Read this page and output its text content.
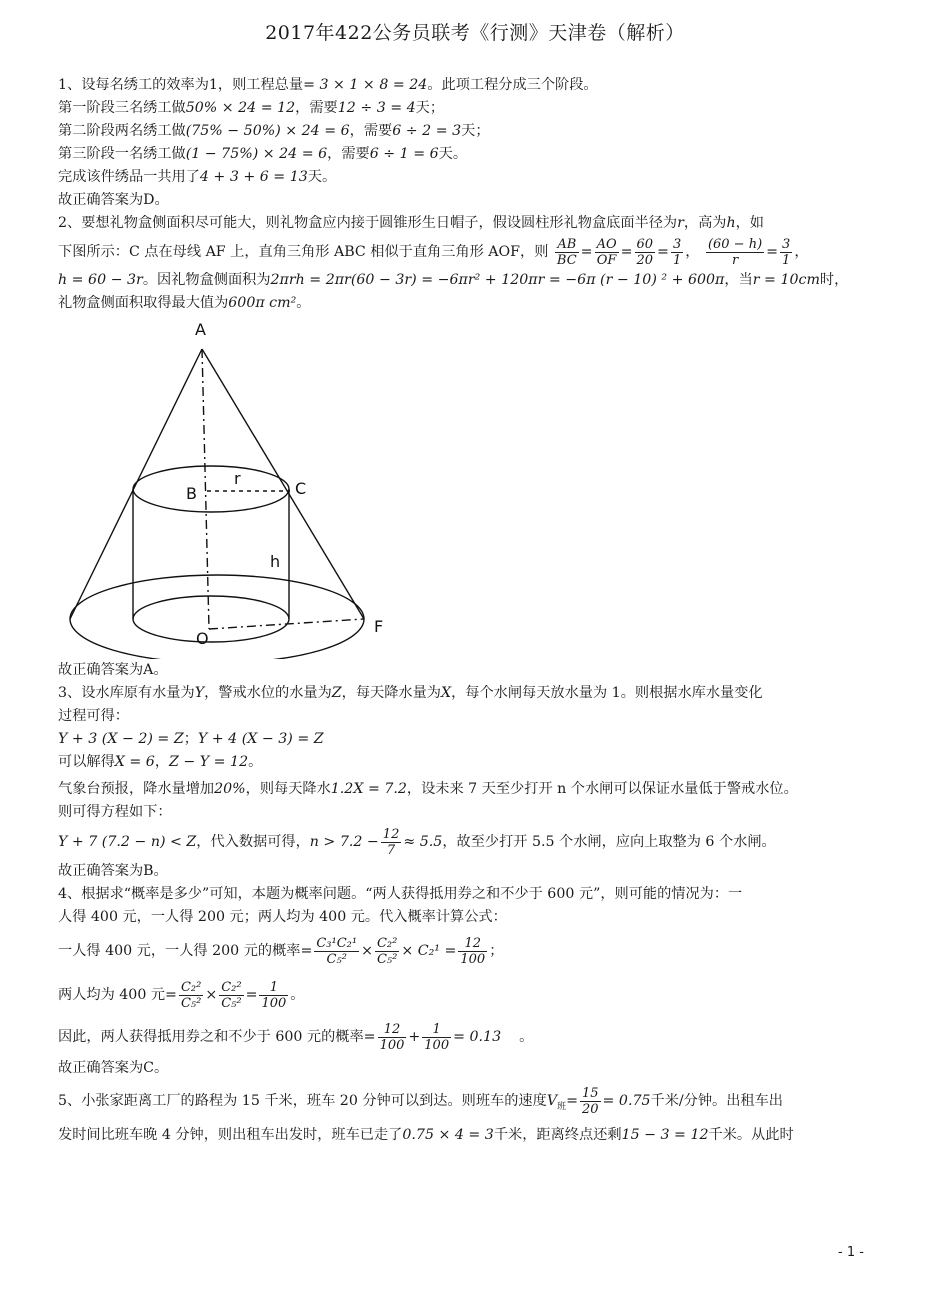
2017年422公务员联考《行测》天津卷（解析）

1、设每名绣工的效率为1，则工程总量= 3 × 1 × 8 = 24。此项工程分成三个阶段。

第一阶段三名绣工做50% × 24 = 12，需要12 ÷ 3 = 4天；

第二阶段两名绣工做(75% − 50%) × 24 = 6，需要6 ÷ 2 = 3天；

第三阶段一名绣工做(1 − 75%) × 24 = 6，需要6 ÷ 1 = 6天。

完成该件绣品一共用了4 + 3 + 6 = 13天。

故正确答案为D。

2、要想礼物盒侧面积尽可能大，则礼物盒应内接于圆锥形生日帽子，假设圆柱形礼物盒底面半径为r，高为h，如

下图所示：C 点在母线 AF 上，直角三角形 ABC 相似于直角三角形 AOF，则 $\frac{AB}{BC} = \frac{AO}{OF} = \frac{60}{20} = \frac{3}{1}$ ， $\frac{(60 - h)}{r} = \frac{3}{1}$ ，

h = 60 − 3r。因礼物盒侧面积为2πrh = 2πr(60 − 3r) = −6πr² + 120πr = −6π (r − 10) ² + 600π，当r = 10cm时，

礼物盒侧面积取得最大值为600π cm²。

A
B
r
C
h
O
F

故正确答案为A。

3、设水库原有水量为Y，警戒水位的水量为Z，每天降水量为X，每个水闸每天放水量为 1。则根据水库水量变化

过程可得：

Y + 3 (X − 2) = Z；Y + 4 (X − 3) = Z

可以解得X = 6，Z − Y = 12。

气象台预报，降水量增加20%，则每天降水1.2X = 7.2，设未来 7 天至少打开 n 个水闸可以保证水量低于警戒水位。

则可得方程如下：

Y + 7 (7.2 − n) < Z，代入数据可得，$n > 7.2 - \frac{12}{7} \approx 5.5$，故至少打开 5.5 个水闸，应向上取整为 6 个水闸。

故正确答案为B。

4、根据求“概率是多少”可知，本题为概率问题。“两人获得抵用券之和不少于 600 元”，则可能的情况为：一

人得 400 元，一人得 200 元；两人均为 400 元。代入概率计算公式：

一人得 400 元，一人得 200 元的概率= $\frac{\text{C₃¹C₂¹}}{\text{C₅²}} \times \frac{\text{C₂²}}{\text{C₅²}} \times C_2^1 = \frac{12}{100}$ ；

两人均为 400 元= $\frac{\text{C₂²}}{\text{C₅²}} \times \frac{\text{C₂²}}{\text{C₅²}} = \frac{1}{100}$ 。

因此，两人获得抵用券之和不少于 600 元的概率= $\frac{12}{100} + \frac{1}{100} = 0.13$ 。

故正确答案为C。

5、小张家距离工厂的路程为 15 千米，班车 20 分钟可以到达。则班车的速度$V_班= \frac{15}{20} = 0.75$千米/分钟。出租车出

发时间比班车晚 4 分钟，则出租车出发时，班车已走了0.75 × 4 = 3千米，距离终点还剩15 − 3 = 12千米。从此时

- 1 -
